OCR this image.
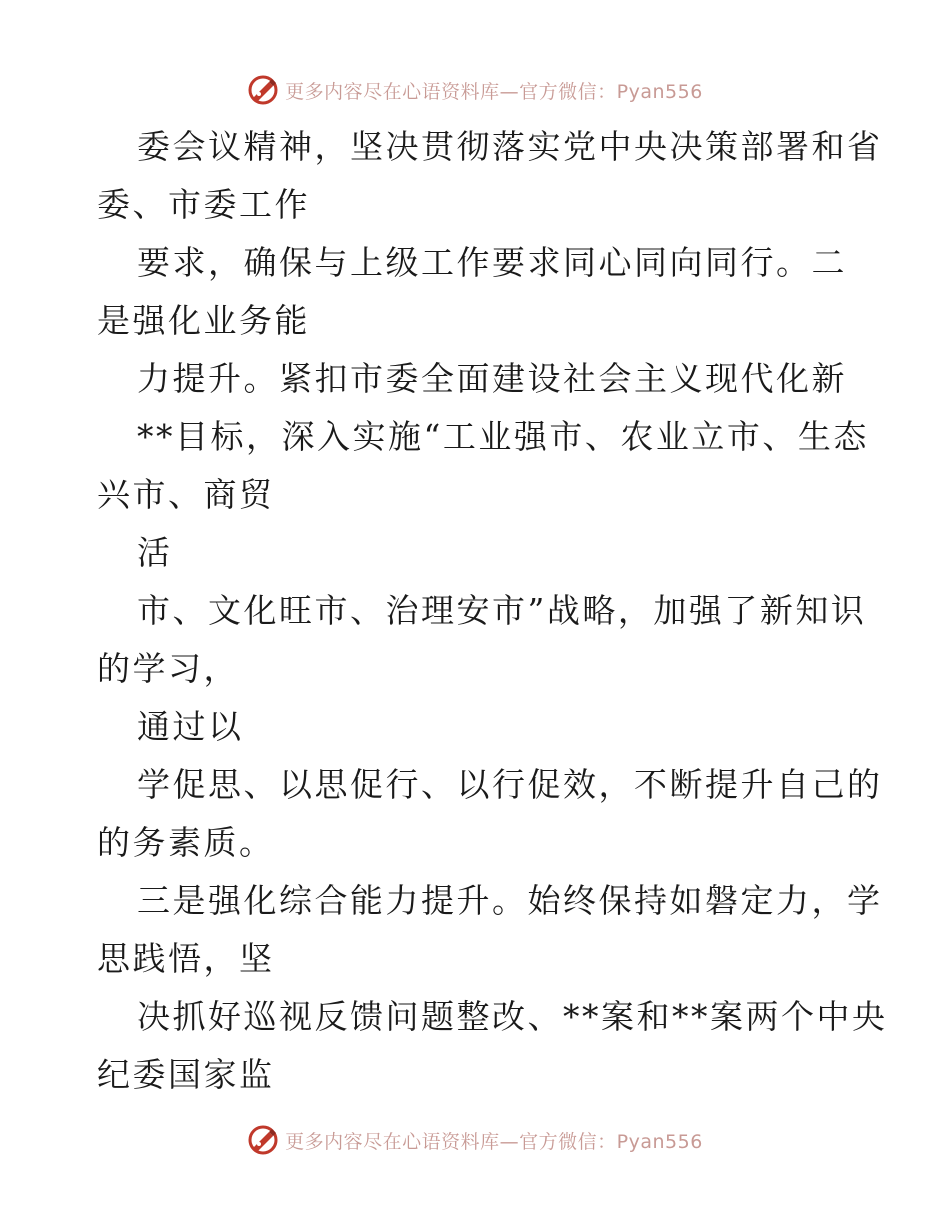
更多内容尽在心语资料库—官方微信：Pyan556
委会议精神，坚决贯彻落实党中央决策部署和省
委、市委工作
要求，确保与上级工作要求同心同向同行。二
是强化业务能
力提升。紧扣市委全面建设社会主义现代化新
**目标，深入实施“工业强市、农业立市、生态
兴市、商贸
活
市、文化旺市、治理安市”战略，加强了新知识
的学习，
通过以
学促思、以思促行、以行促效，不断提升自己的
的务素质。
三是强化综合能力提升。始终保持如磐定力，学
思践悟，坚
决抓好巡视反馈问题整改、**案和**案两个中央
纪委国家监
更多内容尽在心语资料库—官方微信：Pyan556
